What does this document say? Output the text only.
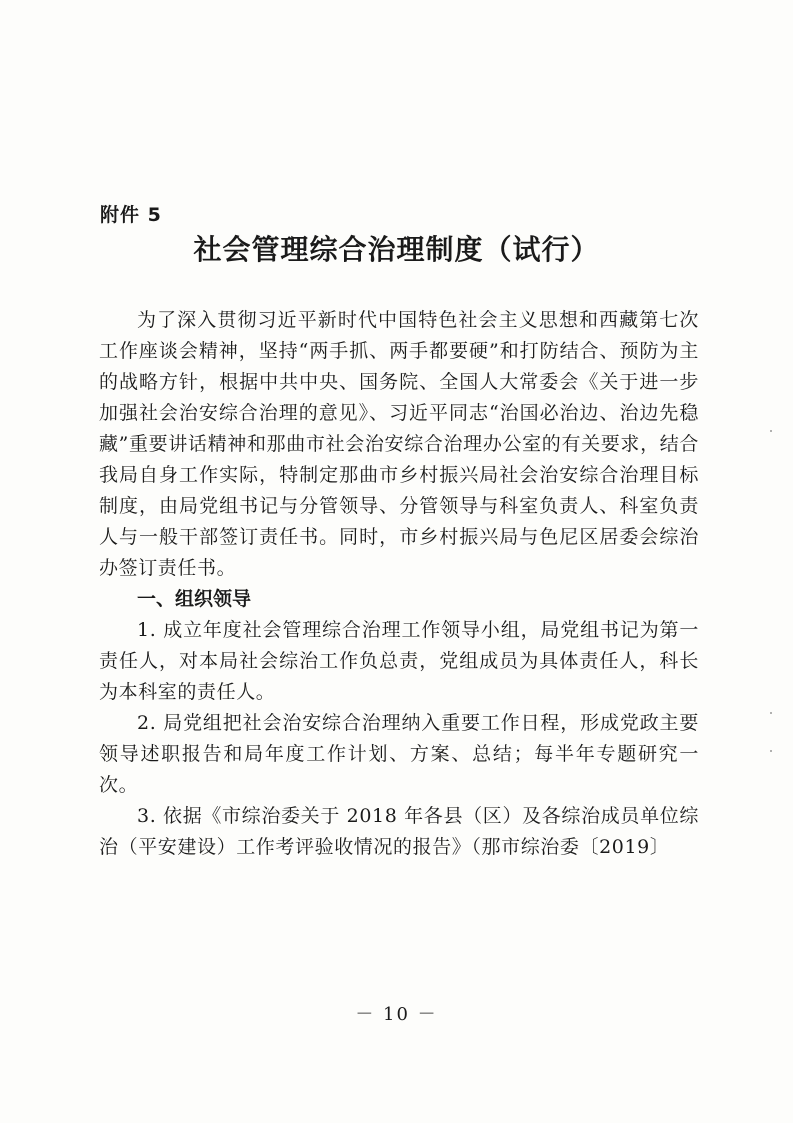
附件 5
社会管理综合治理制度（试行）

为了深入贯彻习近平新时代中国特色社会主义思想和西藏第七次工作座谈会精神，坚持“两手抓、两手都要硬”和打防结合、预防为主的战略方针，根据中共中央、国务院、全国人大常委会《关于进一步加强社会治安综合治理的意见》、习近平同志“治国必治边、治边先稳藏”重要讲话精神和那曲市社会治安综合治理办公室的有关要求，结合我局自身工作实际，特制定那曲市乡村振兴局社会治安综合治理目标制度，由局党组书记与分管领导、分管领导与科室负责人、科室负责人与一般干部签订责任书。同时，市乡村振兴局与色尼区居委会综治办签订责任书。

一、组织领导

1. 成立年度社会管理综合治理工作领导小组，局党组书记为第一责任人，对本局社会综治工作负总责，党组成员为具体责任人，科长为本科室的责任人。

2. 局党组把社会治安综合治理纳入重要工作日程，形成党政主要领导述职报告和局年度工作计划、方案、总结；每半年专题研究一次。

3. 依据《市综治委关于 2018 年各县（区）及各综治成员单位综治（平安建设）工作考评验收情况的报告》（那市综治委〔2019〕

－ 10 －
